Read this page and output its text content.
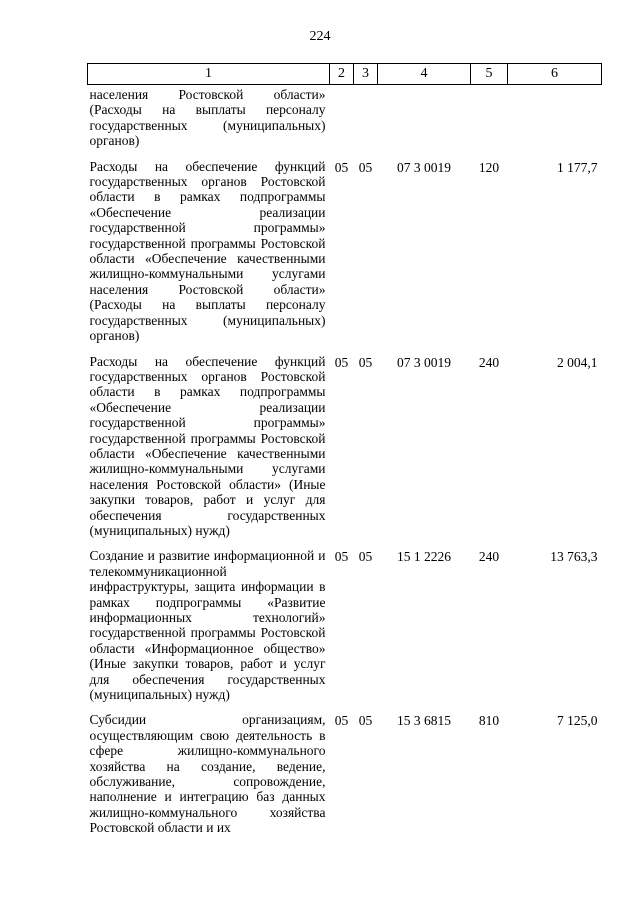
224
1	2	3	4	5	6
населения Ростовской области» (Расходы на выплаты персоналу государственных (муниципальных) органов)					
Расходы на обеспечение функций государственных органов Ростовской области в рамках подпрограммы «Обеспечение реализации государственной программы» государственной программы Ростовской области «Обеспечение качественными жилищно-коммунальными услугами населения Ростовской области» (Расходы на выплаты персоналу государственных (муниципальных) органов)	05	05	07 3 0019	120	1 177,7
Расходы на обеспечение функций государственных органов Ростовской области в рамках подпрограммы «Обеспечение реализации государственной программы» государственной программы Ростовской области «Обеспечение качественными жилищно-коммунальными услугами населения Ростовской области» (Иные закупки товаров, работ и услуг для обеспечения государственных (муниципальных) нужд)	05	05	07 3 0019	240	2 004,1
Создание и развитие информационной и телекоммуникационной инфраструктуры, защита информации в рамках подпрограммы «Развитие информационных технологий» государственной программы Ростовской области «Информационное общество» (Иные закупки товаров, работ и услуг для обеспечения государственных (муниципальных) нужд)	05	05	15 1 2226	240	13 763,3
Субсидии организациям, осуществляющим свою деятельность в сфере жилищно-коммунального хозяйства на создание, ведение, обслуживание, сопровождение, наполнение и интеграцию баз данных жилищно-коммунального хозяйства Ростовской области и их	05	05	15 3 6815	810	7 125,0
